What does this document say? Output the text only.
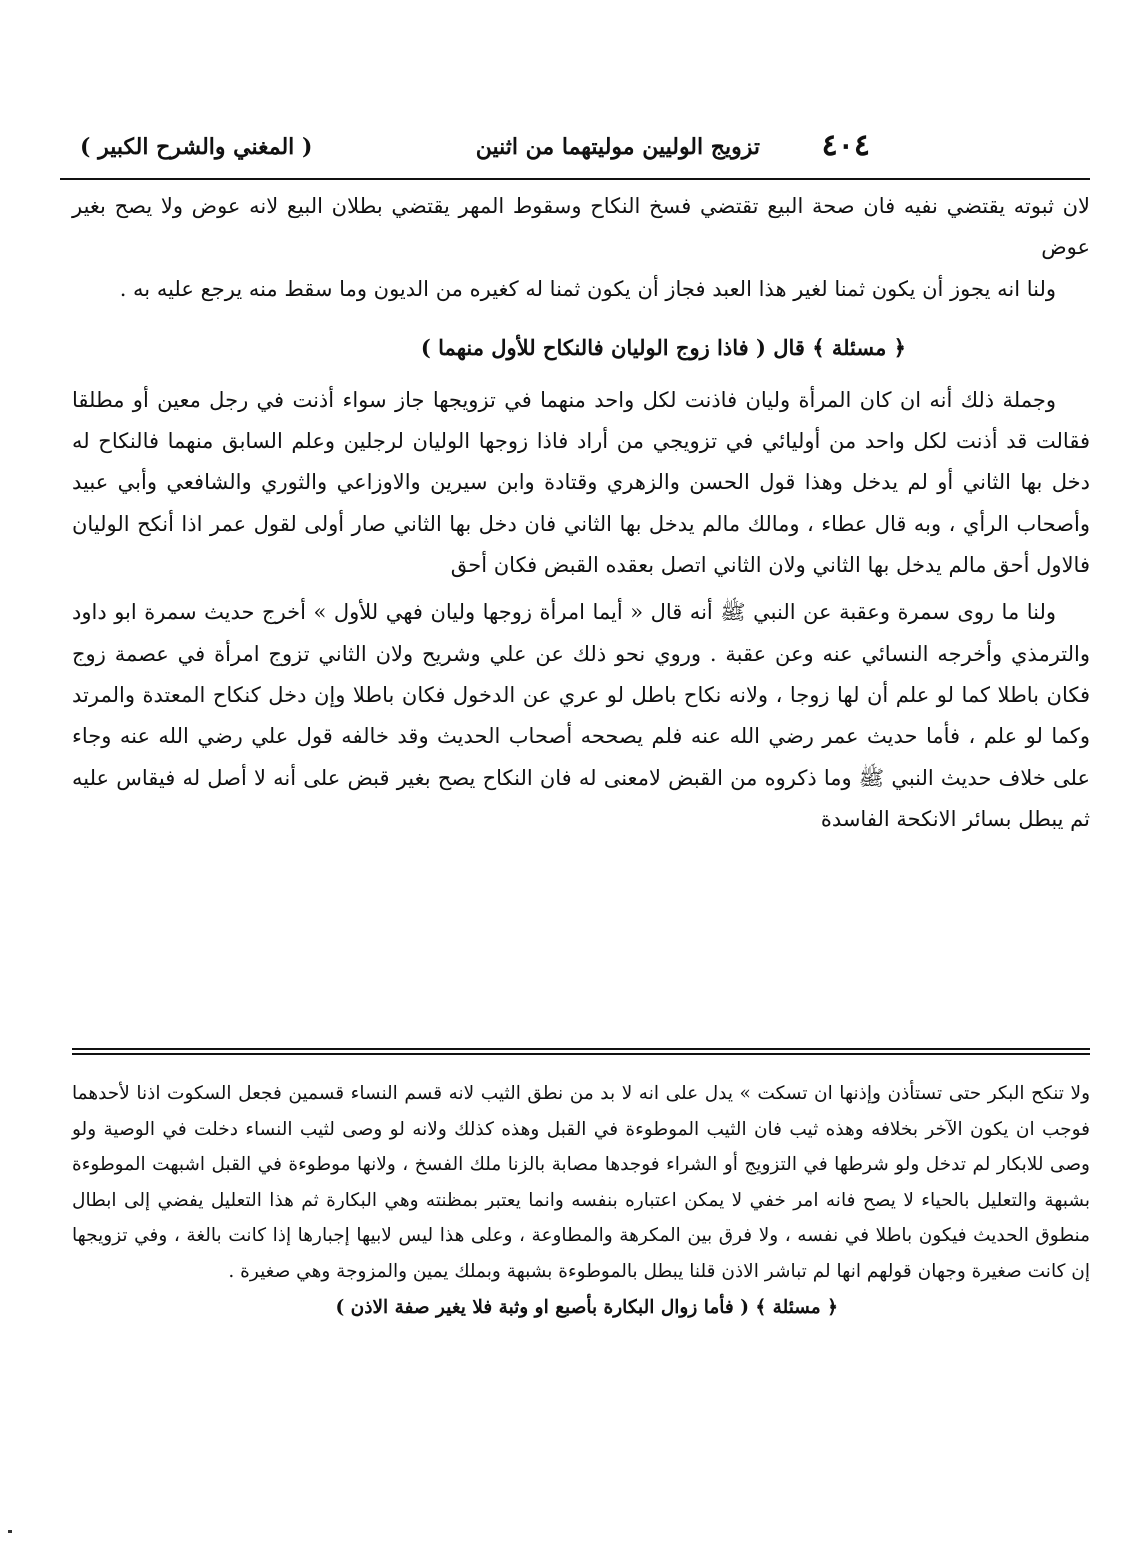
٤٠٤
تزويج الوليين موليتهما من اثنين
( المغني والشرح الكبير )

لان ثبوته يقتضي نفيه فان صحة البيع تقتضي فسخ النكاح وسقوط المهر يقتضي بطلان البيع لانه عوض ولا يصح بغير عوض

ولنا انه يجوز أن يكون ثمنا لغير هذا العبد فجاز أن يكون ثمنا له كغيره من الديون وما سقط منه يرجع عليه به .

﴿ مسئلة ﴾ قال ( فاذا زوج الوليان فالنكاح للأول منهما )

وجملة ذلك أنه ان كان المرأة وليان فاذنت لكل واحد منهما في تزويجها جاز سواء أذنت في رجل معين أو مطلقا فقالت قد أذنت لكل واحد من أوليائي في تزويجي من أراد فاذا زوجها الوليان لرجلين وعلم السابق منهما فالنكاح له دخل بها الثاني أو لم يدخل وهذا قول الحسن والزهري وقتادة وابن سيرين والاوزاعي والثوري والشافعي وأبي عبيد وأصحاب الرأي ، وبه قال عطاء ، ومالك مالم يدخل بها الثاني فان دخل بها الثاني صار أولى لقول عمر اذا أنكح الوليان فالاول أحق مالم يدخل بها الثاني ولان الثاني اتصل بعقده القبض فكان أحق

ولنا ما روى سمرة وعقبة عن النبي ﷺ أنه قال « أيما امرأة زوجها وليان فهي للأول » أخرج حديث سمرة ابو داود والترمذي وأخرجه النسائي عنه وعن عقبة . وروي نحو ذلك عن علي وشريح ولان الثاني تزوج امرأة في عصمة زوج فكان باطلا كما لو علم أن لها زوجا ، ولانه نكاح باطل لو عري عن الدخول فكان باطلا وإن دخل كنكاح المعتدة والمرتد وكما لو علم ، فأما حديث عمر رضي الله عنه فلم يصححه أصحاب الحديث وقد خالفه قول علي رضي الله عنه وجاء على خلاف حديث النبي ﷺ وما ذكروه من القبض لامعنى له فان النكاح يصح بغير قبض على أنه لا أصل له فيقاس عليه ثم يبطل بسائر الانكحة الفاسدة

ولا تنكح البكر حتى تستأذن وإذنها ان تسكت » يدل على انه لا بد من نطق الثيب لانه قسم النساء قسمين فجعل السكوت اذنا لأحدهما فوجب ان يكون الآخر بخلافه وهذه ثيب فان الثيب الموطوءة في القبل وهذه كذلك ولانه لو وصى لثيب النساء دخلت في الوصية ولو وصى للابكار لم تدخل ولو شرطها في التزويج أو الشراء فوجدها مصابة بالزنا ملك الفسخ ، ولانها موطوءة في القبل اشبهت الموطوءة بشبهة والتعليل بالحياء لا يصح فانه امر خفي لا يمكن اعتباره بنفسه وانما يعتبر بمظنته وهي البكارة ثم هذا التعليل يفضي إلى ابطال منطوق الحديث فيكون باطلا في نفسه ، ولا فرق بين المكرهة والمطاوعة ، وعلى هذا ليس لابيها إجبارها إذا كانت بالغة ، وفي تزويجها إن كانت صغيرة وجهان قولهم انها لم تباشر الاذن قلنا يبطل بالموطوءة بشبهة وبملك يمين والمزوجة وهي صغيرة .

﴿ مسئلة ﴾ ( فأما زوال البكارة بأصبع او وثبة فلا يغير صفة الاذن )
